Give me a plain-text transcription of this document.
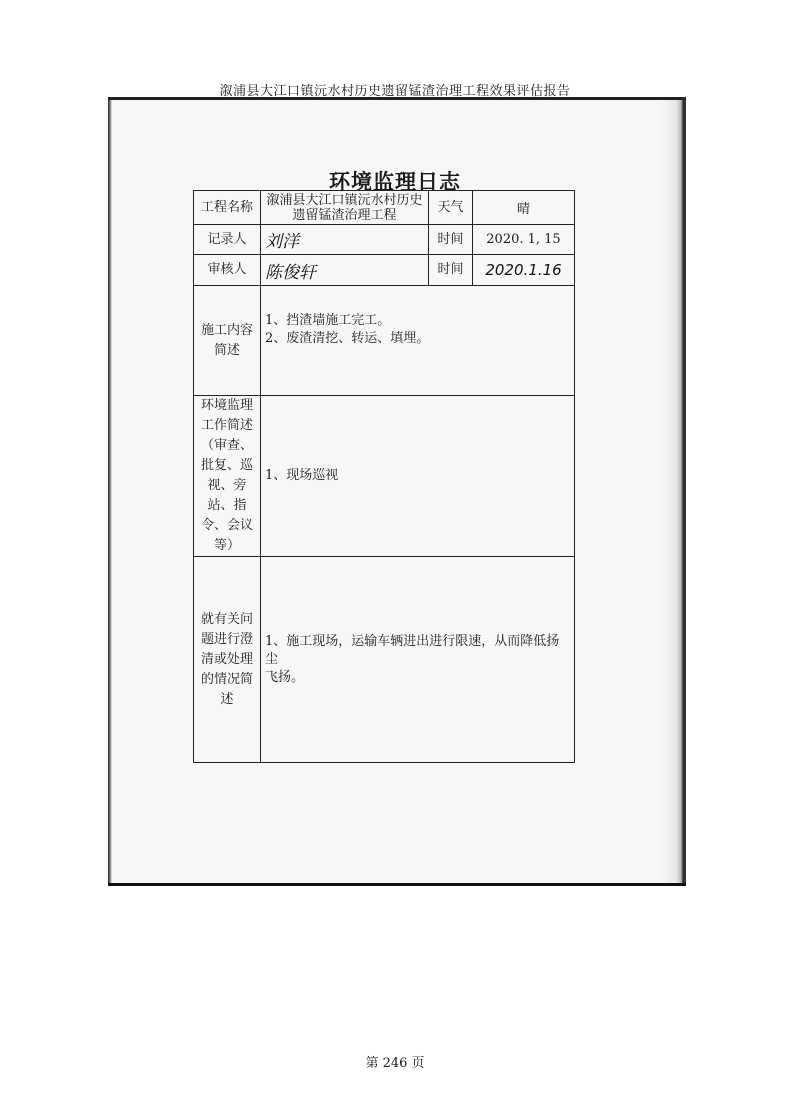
溆浦县大江口镇沅水村历史遗留锰渣治理工程效果评估报告
环境监理日志
工程名称	溆浦县大江口镇沅水村历史遗留锰渣治理工程	天气	晴
记录人	刘洋	时间	2020. 1, 15
审核人	陈俊轩	时间	2020.1.16
施工内容简述	1、挡渣墙施工完工。
2、废渣清挖、转运、填埋。		

环境监理工作简述（审查、批复、巡视、旁站、指令、会议等）	1、现场巡视		

就有关问题进行澄清或处理的情况简述	1、施工现场，运输车辆进出进行限速，从而降低扬尘
飞扬。		
第 246 页
